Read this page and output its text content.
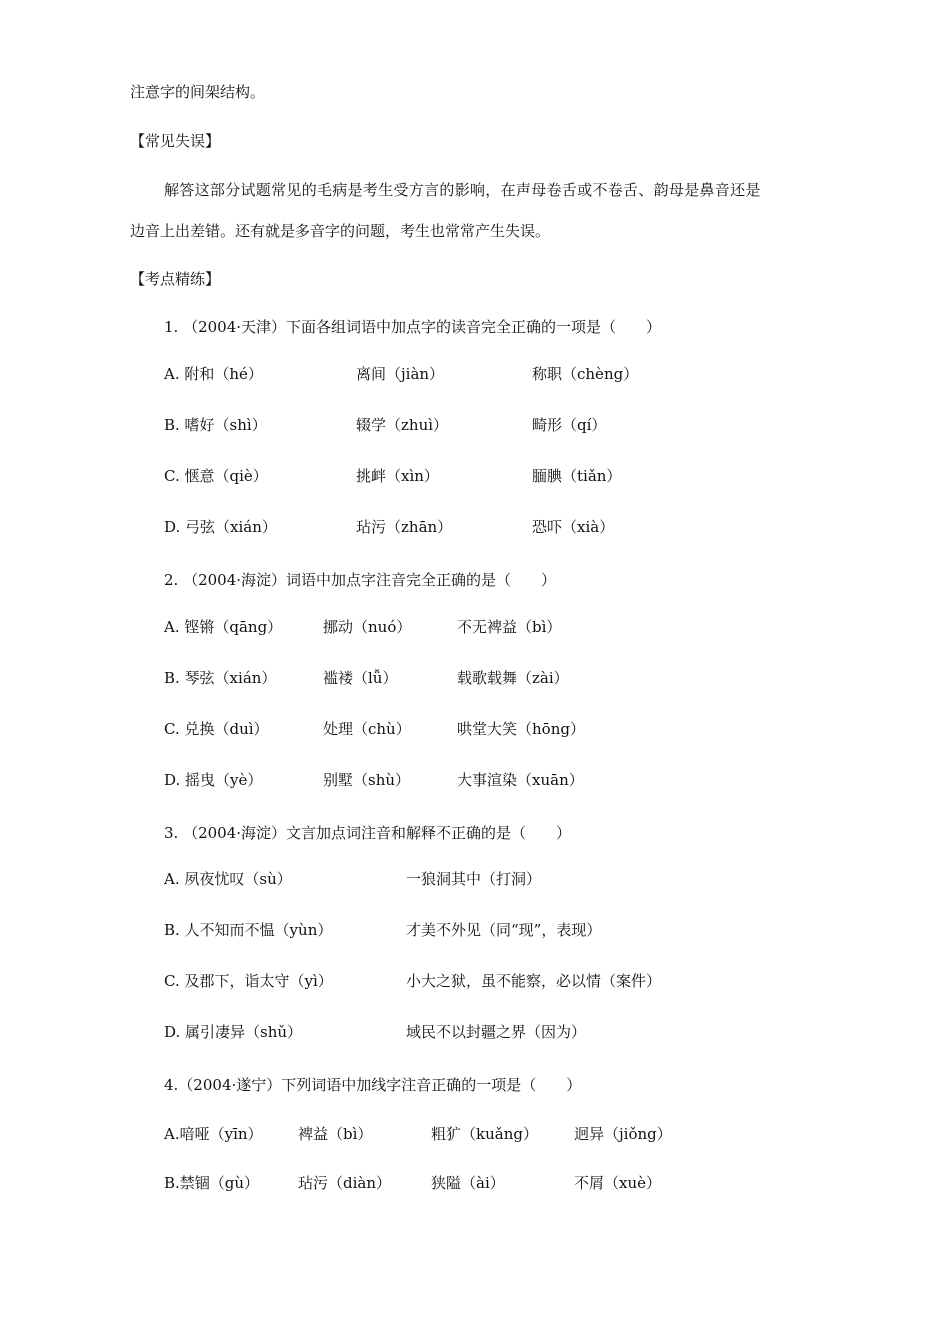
注意字的间架结构。
【常见失误】
解答这部分试题常见的毛病是考生受方言的影响，在声母卷舌或不卷舌、韵母是鼻音还是
边音上出差错。还有就是多音字的问题，考生也常常产生失误。
【考点精练】
1. （2004·天津）下面各组词语中加点字的读音完全正确的一项是（　　）
A. 附和（hé）	离间（jiàn）	称职（chèng）
B. 嗜好（shì）	辍学（zhuì）	畸形（qí）
C. 惬意（qiè）	挑衅（xìn）	腼腆（tiǎn）
D. 弓弦（xián）	玷污（zhān）	恐吓（xià）
2. （2004·海淀）词语中加点字注音完全正确的是（　　）
A. 铿锵（qāng）	挪动（nuó）	不无裨益（bì）
B. 琴弦（xián）	褴褛（lǚ）	载歌载舞（zài）
C. 兑换（duì）	处理（chù）	哄堂大笑（hōng）
D. 摇曳（yè）	别墅（shù）	大事渲染（xuān）
3. （2004·海淀）文言加点词注音和解释不正确的是（　　）
A. 夙夜忧叹（sù）	一狼洞其中（打洞）
B. 人不知而不愠（yùn）	才美不外见（同“现”，表现）
C. 及郡下，诣太守（yì）	小大之狱，虽不能察，必以情（案件）
D. 属引凄异（shǔ）	域民不以封疆之界（因为）
4.（2004·遂宁）下列词语中加线字注音正确的一项是（　　）
A.喑哑（yīn） 裨益（bì）	粗犷（kuǎng） 迥异（jiǒng）
B.禁锢（gù）	玷污（diàn）	狭隘（ài）	不屑（xuè）
